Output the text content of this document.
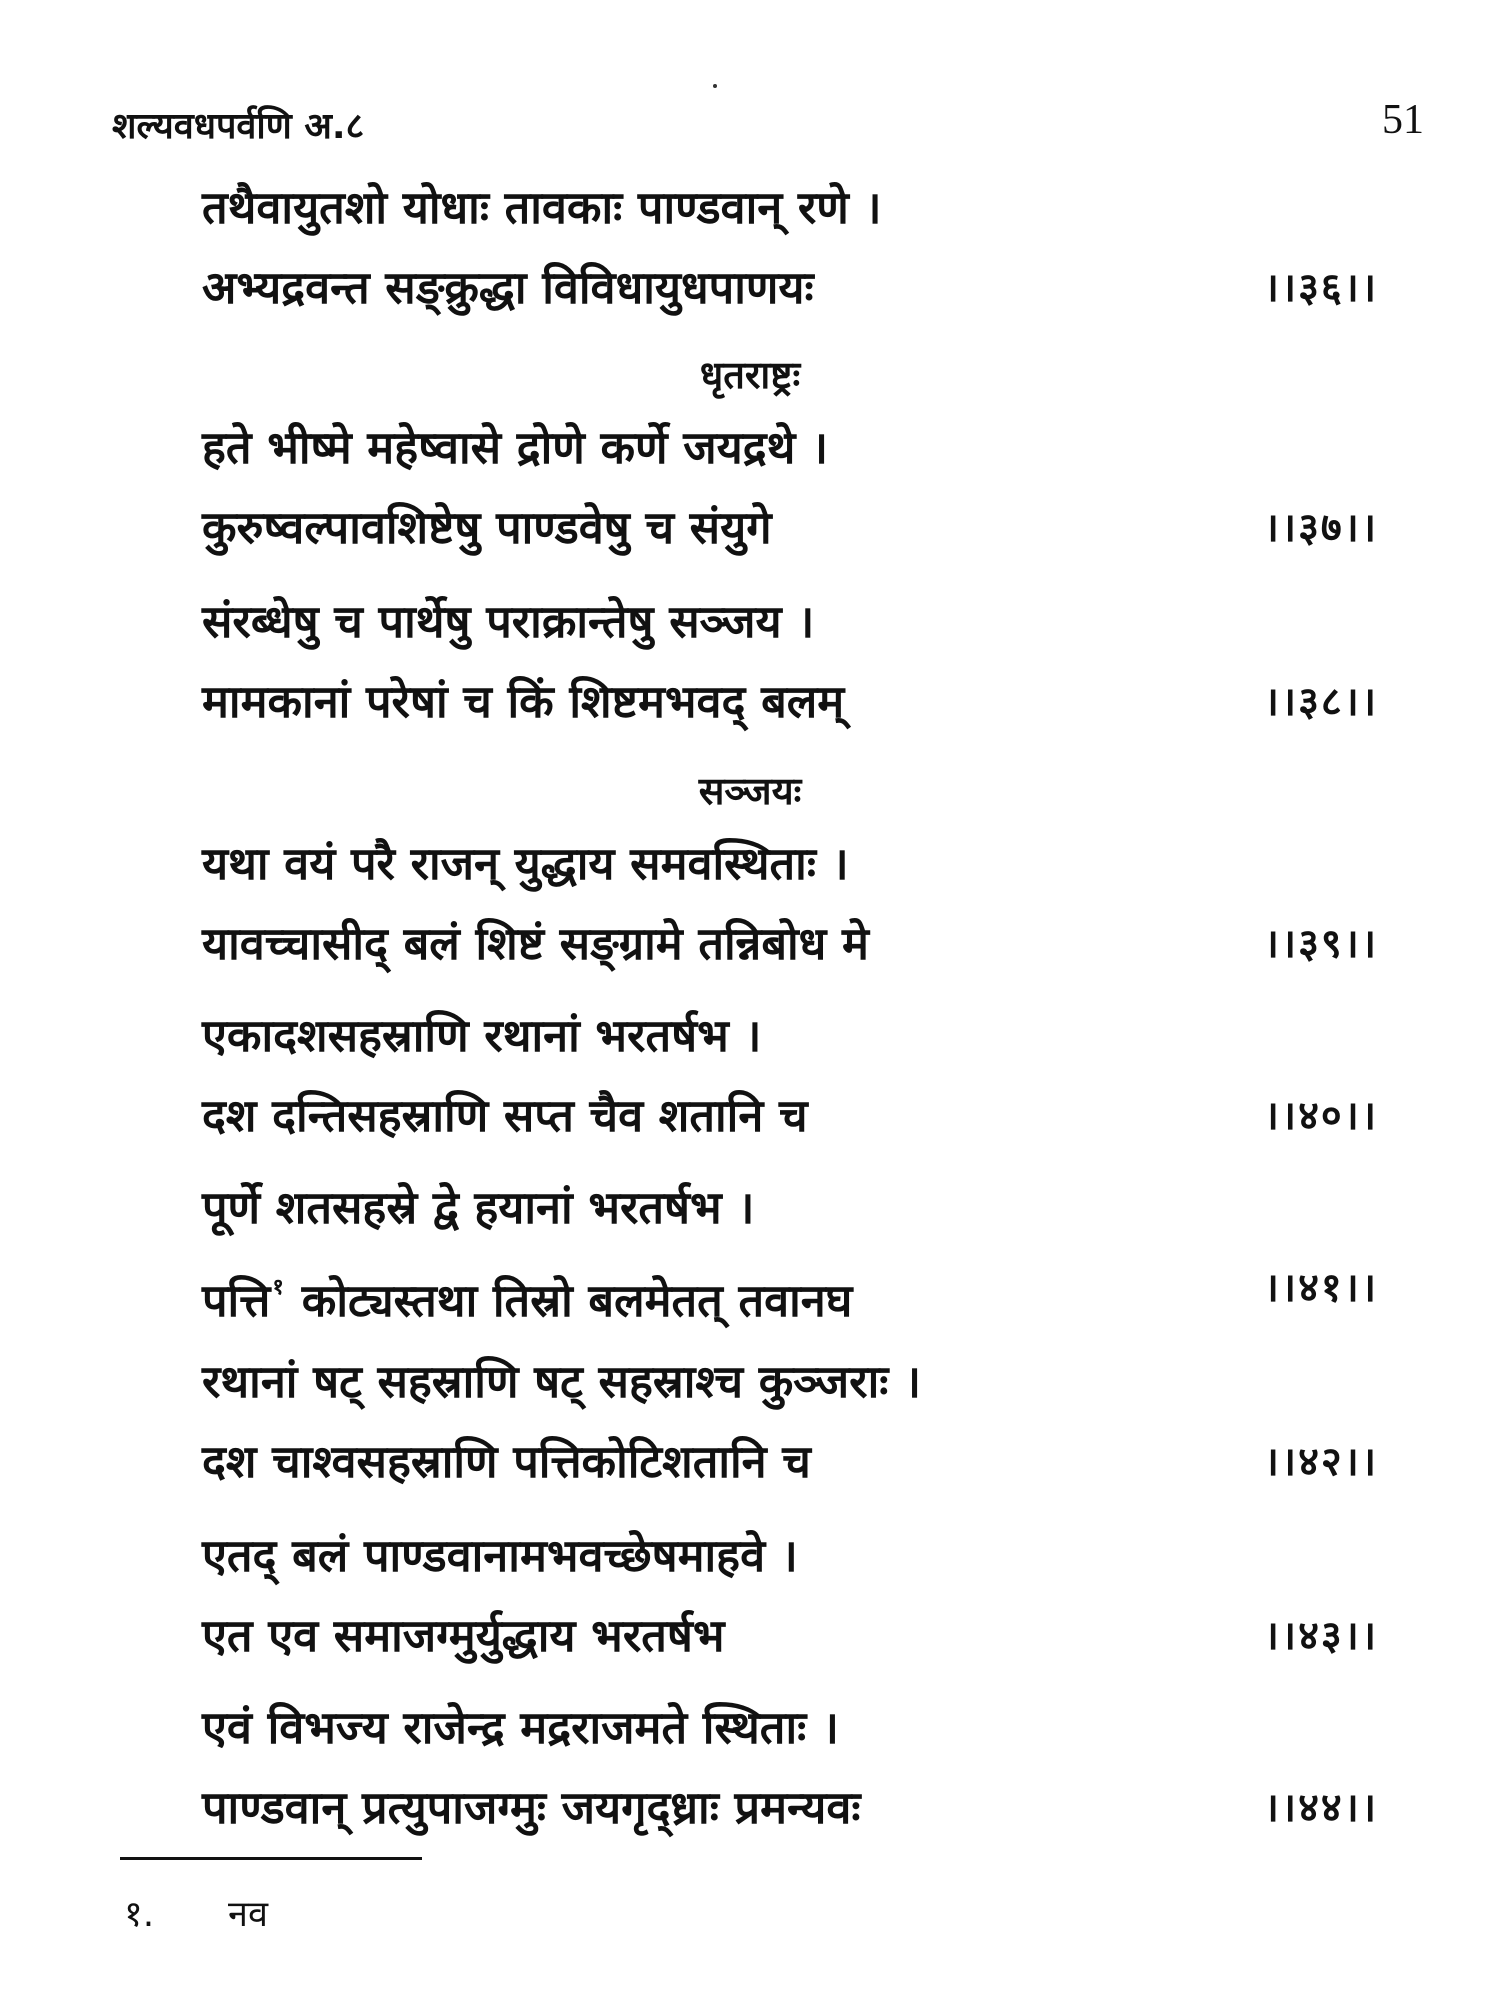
शल्यवधपर्वणि अ.८	51
तथैवायुतशो योधाः तावकाः पाण्डवान् रणे ।
अभ्यद्रवन्त सङ्क्रुद्धा विविधायुधपाणयः	।।३६।।
धृतराष्ट्रः
हते भीष्मे महेष्वासे द्रोणे कर्णे जयद्रथे ।
कुरुष्वल्पावशिष्टेषु पाण्डवेषु च संयुगे	।।३७।।
संरब्धेषु च पार्थेषु पराक्रान्तेषु सञ्जय ।
मामकानां परेषां च किं शिष्टमभवद् बलम्	।।३८।।
सञ्जयः
यथा वयं परै राजन् युद्धाय समवस्थिताः ।
यावच्चासीद् बलं शिष्टं सङ्ग्रामे तन्निबोध मे	।।३९।।
एकादशसहस्राणि रथानां भरतर्षभ ।
दश दन्तिसहस्राणि सप्त चैव शतानि च	।।४०।।
पूर्णे शतसहस्रे द्वे हयानां भरतर्षभ ।
पत्ति$^१$ कोट्यस्तथा तिस्रो बलमेतत् तवानघ	।।४१।।
रथानां षट् सहस्राणि षट् सहस्राश्च कुञ्जराः ।
दश चाश्वसहस्राणि पत्तिकोटिशतानि च	।।४२।।
एतद् बलं पाण्डवानामभवच्छेषमाहवे ।
एत एव समाजग्मुर्युद्धाय भरतर्षभ	।।४३।।
एवं विभज्य राजेन्द्र मद्रराजमते स्थिताः ।
पाण्डवान् प्रत्युपाजग्मुः जयगृद्ध्राः प्रमन्यवः	।।४४।।
१. नव
